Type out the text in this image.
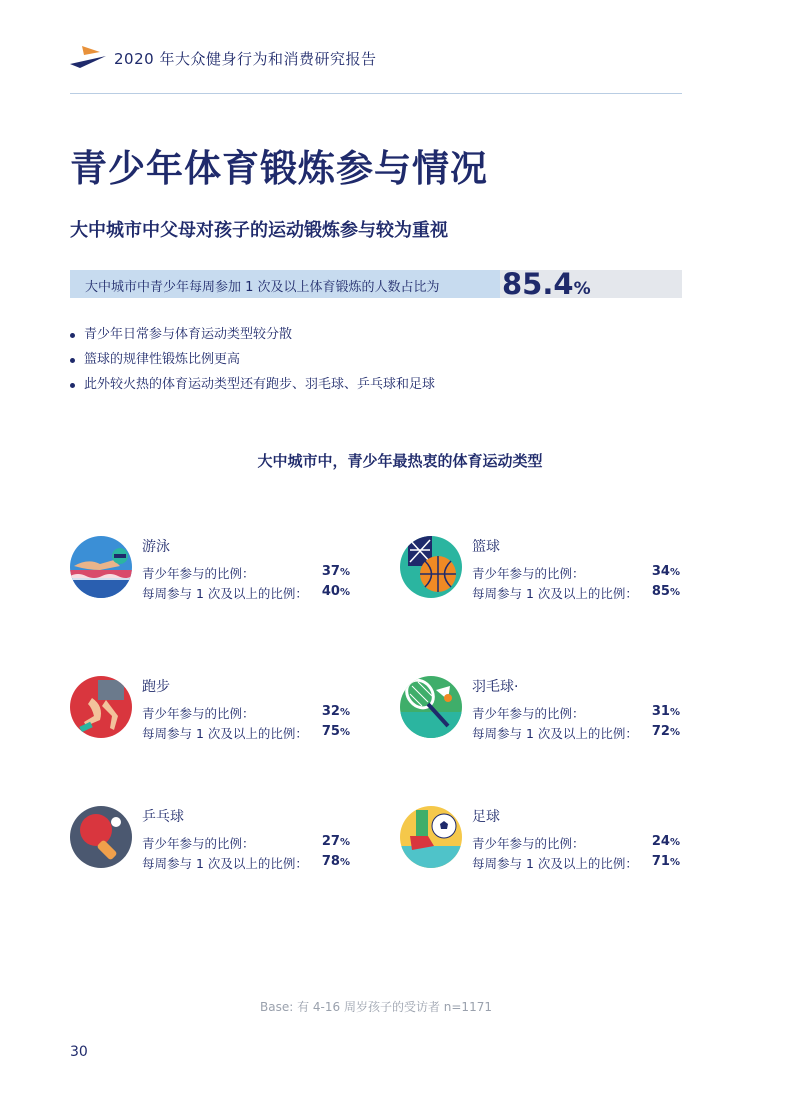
2020 年大众健身行为和消费研究报告
青少年体育锻炼参与情况
大中城市中父母对孩子的运动锻炼参与较为重视
大中城市中青少年每周参加 1 次及以上体育锻炼的人数占比为 85.4%
青少年日常参与体育运动类型较分散
篮球的规律性锻炼比例更高
此外较火热的体育运动类型还有跑步、羽毛球、乒乓球和足球
大中城市中，青少年最热衷的体育运动类型
游泳
青少年参与的比例：	37%
每周参与 1 次及以上的比例： 40%
篮球
青少年参与的比例：	34%
每周参与 1 次及以上的比例： 85%
跑步
青少年参与的比例：	32%
每周参与 1 次及以上的比例： 75%
羽毛球·
青少年参与的比例：	31%
每周参与 1 次及以上的比例： 72%
乒乓球
青少年参与的比例：	27%
每周参与 1 次及以上的比例： 78%
足球
青少年参与的比例：	24%
每周参与 1 次及以上的比例： 71%
Base: 有 4-16 周岁孩子的受访者 n=1171
30
